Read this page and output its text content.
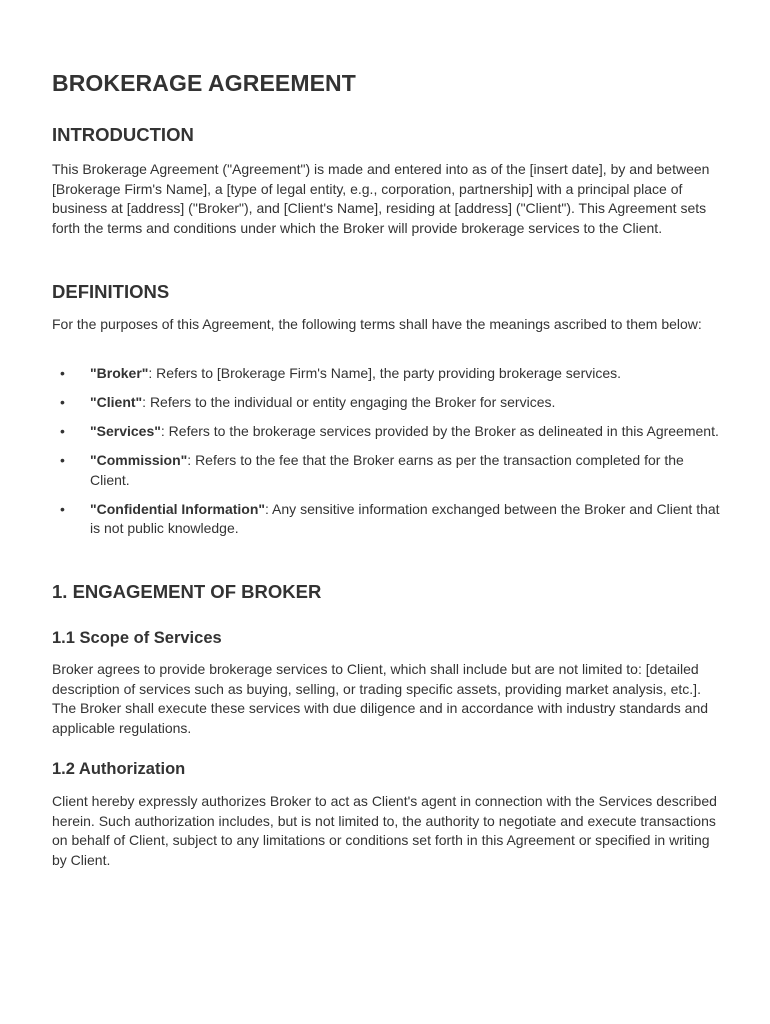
BROKERAGE AGREEMENT
INTRODUCTION

This Brokerage Agreement ("Agreement") is made and entered into as of the [insert date], by and between [Brokerage Firm's Name], a [type of legal entity, e.g., corporation, partnership] with a principal place of business at [address] ("Broker"), and [Client's Name], residing at [address] ("Client"). This Agreement sets forth the terms and conditions under which the Broker will provide brokerage services to the Client.

DEFINITIONS

For the purposes of this Agreement, the following terms shall have the meanings ascribed to them below:

• "Broker": Refers to [Brokerage Firm's Name], the party providing brokerage services.
• "Client": Refers to the individual or entity engaging the Broker for services.
• "Services": Refers to the brokerage services provided by the Broker as delineated in this Agreement.
• "Commission": Refers to the fee that the Broker earns as per the transaction completed for the Client.
• "Confidential Information": Any sensitive information exchanged between the Broker and Client that is not public knowledge.
1. ENGAGEMENT OF BROKER
1.1 Scope of Services

Broker agrees to provide brokerage services to Client, which shall include but are not limited to: [detailed description of services such as buying, selling, or trading specific assets, providing market analysis, etc.]. The Broker shall execute these services with due diligence and in accordance with industry standards and applicable regulations.

1.2 Authorization

Client hereby expressly authorizes Broker to act as Client's agent in connection with the Services described herein. Such authorization includes, but is not limited to, the authority to negotiate and execute transactions on behalf of Client, subject to any limitations or conditions set forth in this Agreement or specified in writing by Client.
